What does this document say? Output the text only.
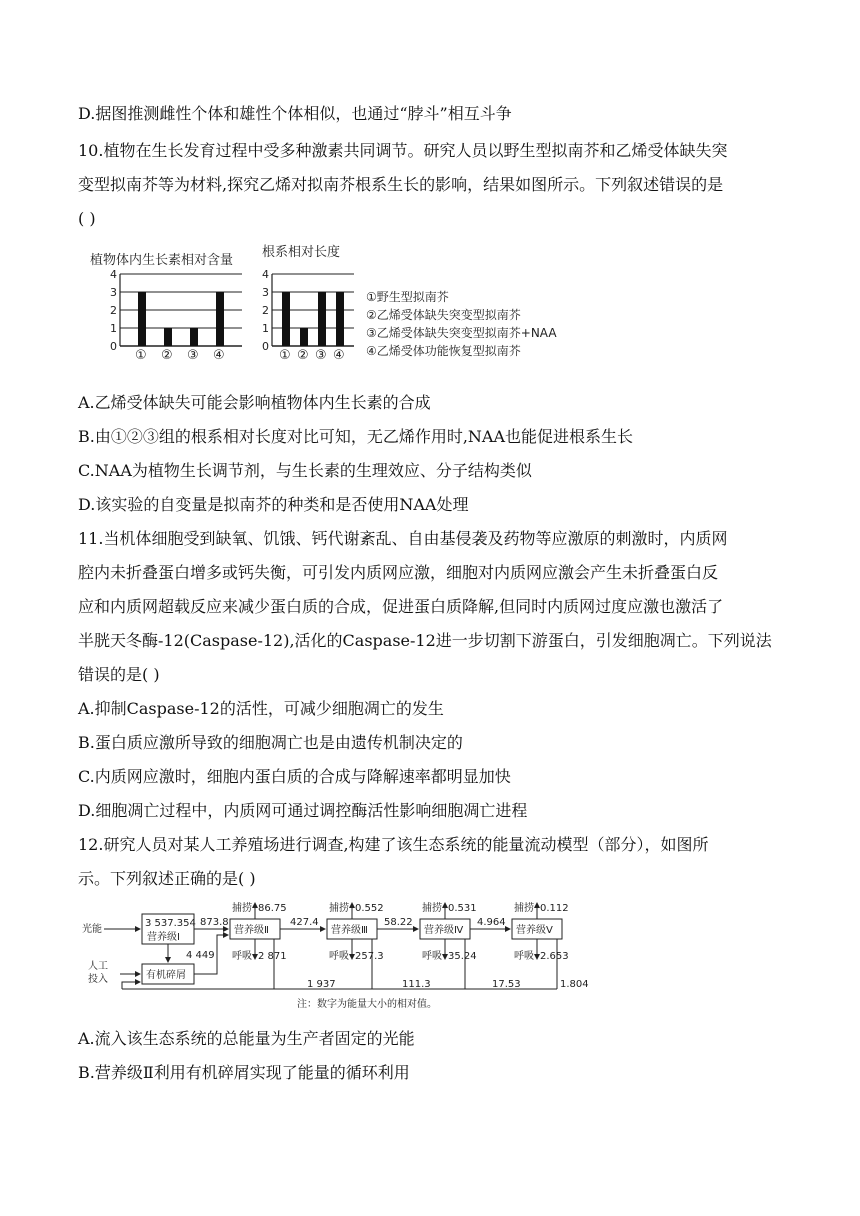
D.据图推测雌性个体和雄性个体相似，也通过“脖斗”相互斗争
10.植物在生长发育过程中受多种激素共同调节。研究人员以野生型拟南芥和乙烯受体缺失突
变型拟南芥等为材料,探究乙烯对拟南芥根系生长的影响，结果如图所示。下列叙述错误的是
( )
植物体内生长素相对含量
0
1
2
3
4
① ② ③ ④
根系相对长度
0
1
2
3
4
① ② ③ ④
①野生型拟南芥
②乙烯受体缺失突变型拟南芥
③乙烯受体缺失突变型拟南芥+NAA
④乙烯受体功能恢复型拟南芥
A.乙烯受体缺失可能会影响植物体内生长素的合成
B.由①②③组的根系相对长度对比可知，无乙烯作用时,NAA也能促进根系生长
C.NAA为植物生长调节剂，与生长素的生理效应、分子结构类似
D.该实验的自变量是拟南芥的种类和是否使用NAA处理
11.当机体细胞受到缺氧、饥饿、钙代谢紊乱、自由基侵袭及药物等应激原的刺激时，内质网
腔内未折叠蛋白增多或钙失衡，可引发内质网应激，细胞对内质网应激会产生未折叠蛋白反
应和内质网超载反应来减少蛋白质的合成，促进蛋白质降解,但同时内质网过度应激也激活了
半胱天冬酶-12(Caspase-12),活化的Caspase-12进一步切割下游蛋白，引发细胞凋亡。下列说法
错误的是( )
A.抑制Caspase-12的活性，可减少细胞凋亡的发生
B.蛋白质应激所导致的细胞凋亡也是由遗传机制决定的
C.内质网应激时，细胞内蛋白质的合成与降解速率都明显加快
D.细胞凋亡过程中，内质网可通过调控酶活性影响细胞凋亡进程
12.研究人员对某人工养殖场进行调查,构建了该生态系统的能量流动模型（部分），如图所
示。下列叙述正确的是( )
光能
人工
投入
3 537.354
营养级Ⅰ
有机碎屑
营养级Ⅱ	营养级Ⅲ	营养级Ⅳ	营养级Ⅴ
873.8	427.4	58.22	4.964
4 449
捕捞 86.75	捕捞 0.552	捕捞 0.531	捕捞 0.112
呼吸 2 871	呼吸 257.3	呼吸 35.24	呼吸 2.653
1 937	111.3	17.53	1.804
注：数字为能量大小的相对值。
A.流入该生态系统的总能量为生产者固定的光能
B.营养级Ⅱ利用有机碎屑实现了能量的循环利用
